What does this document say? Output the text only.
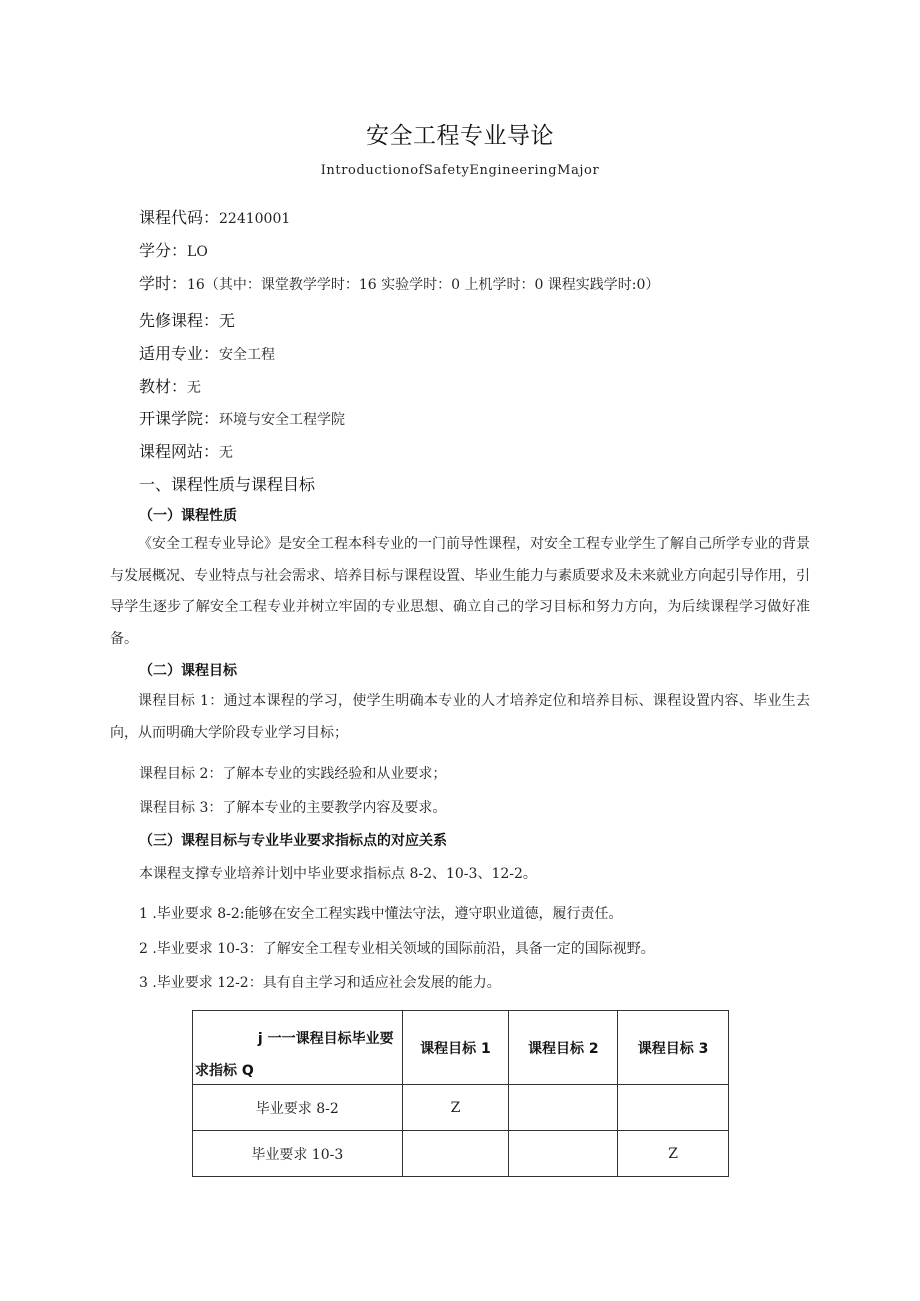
安全工程专业导论
IntroductionofSafetyEngineeringMajor
课程代码：22410001
学分：LO
学时：16（其中：课堂教学学时：16 实验学时：0 上机学时：0 课程实践学时:0）
先修课程：无
适用专业：安全工程
教材：无
开课学院：环境与安全工程学院
课程网站：无
一、课程性质与课程目标
（一）课程性质
《安全工程专业导论》是安全工程本科专业的一门前导性课程，对安全工程专业学生了解自己所学专业的背景与发展概况、专业特点与社会需求、培养目标与课程设置、毕业生能力与素质要求及未来就业方向起引导作用，引导学生逐步了解安全工程专业并树立牢固的专业思想、确立自己的学习目标和努力方向，为后续课程学习做好准备。
（二）课程目标
课程目标 1：通过本课程的学习，使学生明确本专业的人才培养定位和培养目标、课程设置内容、毕业生去向，从而明确大学阶段专业学习目标；
课程目标 2：了解本专业的实践经验和从业要求；
课程目标 3：了解本专业的主要教学内容及要求。
（三）课程目标与专业毕业要求指标点的对应关系
本课程支撑专业培养计划中毕业要求指标点 8-2、10-3、12-2。
1 .毕业要求 8-2:能够在安全工程实践中懂法守法，遵守职业道德，履行责任。
2 .毕业要求 10-3：了解安全工程专业相关领域的国际前沿，具备一定的国际视野。
3 .毕业要求 12-2：具有自主学习和适应社会发展的能力。
j 一一课程目标毕业要
求指标 Q	课程目标 1	课程目标 2	课程目标 3
毕业要求 8-2	Z		
毕业要求 10-3			Z
